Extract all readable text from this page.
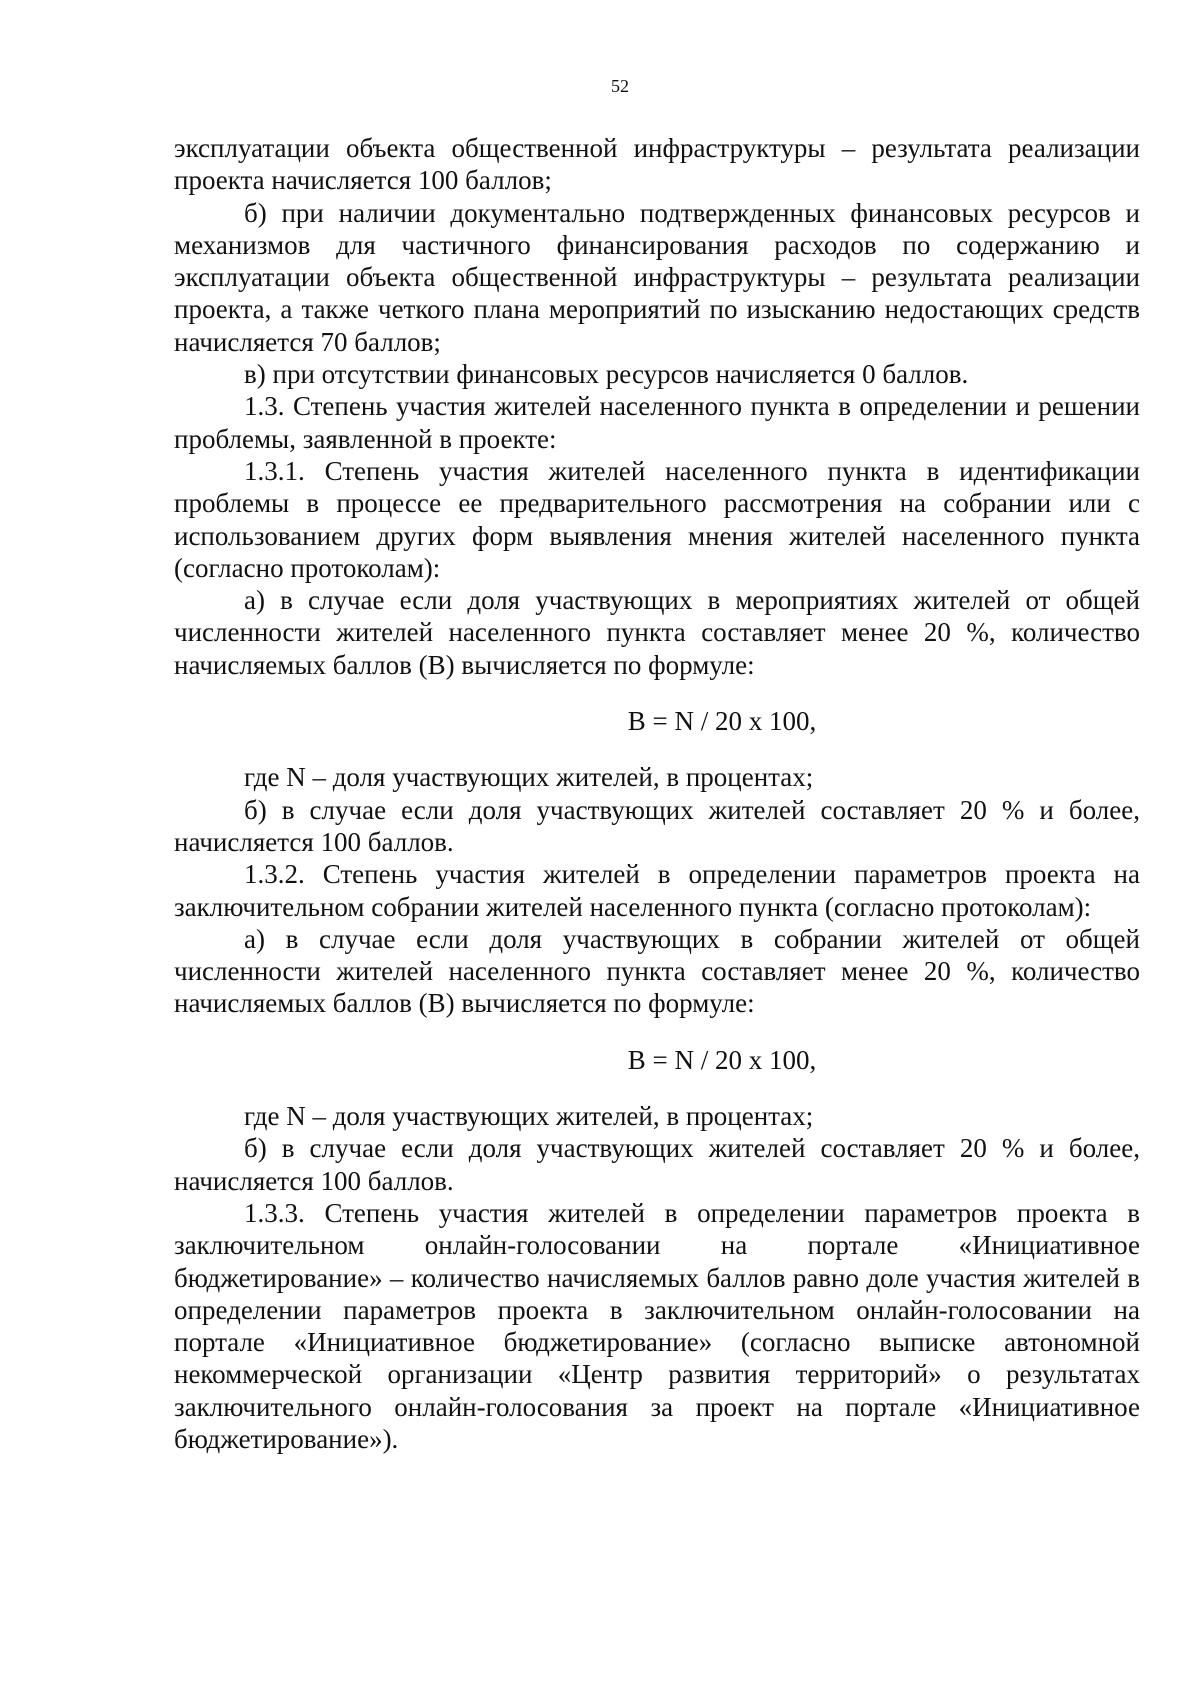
52

эксплуатации объекта общественной инфраструктуры – результата реализации проекта начисляется 100 баллов;

б) при наличии документально подтвержденных финансовых ресурсов и механизмов для частичного финансирования расходов по содержанию и эксплуатации объекта общественной инфраструктуры – результата реализации проекта, а также четкого плана мероприятий по изысканию недостающих средств начисляется 70 баллов;

в) при отсутствии финансовых ресурсов начисляется 0 баллов.

1.3. Степень участия жителей населенного пункта в определении и решении проблемы, заявленной в проекте:

1.3.1. Степень участия жителей населенного пункта в идентификации проблемы в процессе ее предварительного рассмотрения на собрании или с использованием других форм выявления мнения жителей населенного пункта (согласно протоколам):

а) в случае если доля участвующих в мероприятиях жителей от общей численности жителей населенного пункта составляет менее 20 %, количество начисляемых баллов (В) вычисляется по формуле:

В = N / 20 х 100,

где N – доля участвующих жителей, в процентах;

б) в случае если доля участвующих жителей составляет 20 % и более, начисляется 100 баллов.

1.3.2. Степень участия жителей в определении параметров проекта на заключительном собрании жителей населенного пункта (согласно протоколам):

а) в случае если доля участвующих в собрании жителей от общей численности жителей населенного пункта составляет менее 20 %, количество начисляемых баллов (В) вычисляется по формуле:

В = N / 20 х 100,

где N – доля участвующих жителей, в процентах;

б) в случае если доля участвующих жителей составляет 20 % и более, начисляется 100 баллов.

1.3.3. Степень участия жителей в определении параметров проекта в заключительном онлайн-голосовании на портале «Инициативное бюджетирование» – количество начисляемых баллов равно доле участия жителей в определении параметров проекта в заключительном онлайн-голосовании на портале «Инициативное бюджетирование» (согласно выписке автономной некоммерческой организации «Центр развития территорий» о результатах заключительного онлайн-голосования за проект на портале «Инициативное бюджетирование»).
